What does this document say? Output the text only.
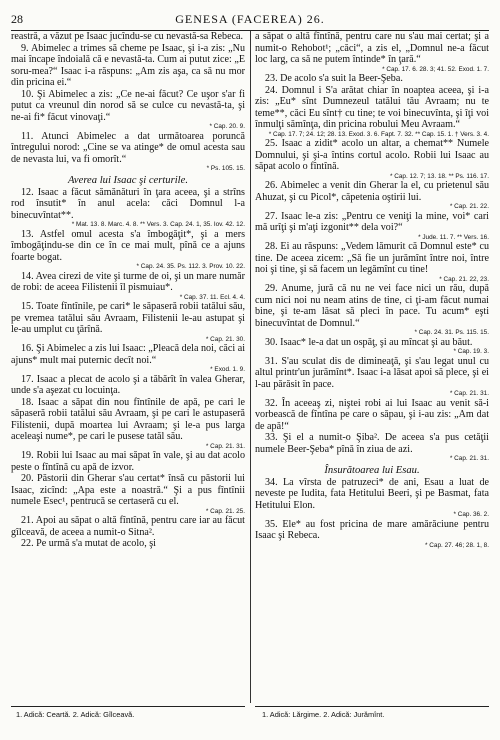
28	GENESA (FACEREA) 26.
reastră, a văzut pe Isaac jucîndu-se cu nevastă-sa Rebeca.
9. Abimelec a trimes să cheme pe Isaac, şi i-a zis: „Nu mai încape îndoială că e nevastă-ta. Cum ai putut zice: „E soru-mea?“ Isaac i-a răspuns: „Am zis aşa, ca să nu mor din pricina ei.“
10. Şi Abimelec a zis: „Ce ne-ai făcut? Ce uşor s'ar fi putut ca vreunul din norod să se culce cu nevastă-ta, şi ne-ai fi* făcut vinovaţi.“
* Cap. 20. 9.
11. Atunci Abimelec a dat următoarea poruncă întregului norod: „Cine se va atinge* de omul acesta sau de nevasta lui, va fi omorît.“
* Ps. 105. 15.
Averea lui Isaac şi certurile.
12. Isaac a făcut sămănături în ţara aceea, şi a strîns rod însutit* în anul acela: căci Domnul l-a binecuvîntat**.
* Mat. 13. 8. Marc. 4. 8. ** Vers. 3. Cap. 24. 1, 35. Iov. 42. 12.
13. Astfel omul acesta s'a îmbogăţit*, şi a mers îmbogăţindu-se din ce în ce mai mult, pînă ce a ajuns foarte bogat.
* Cap. 24. 35. Ps. 112. 3. Prov. 10. 22.
14. Avea cirezi de vite şi turme de oi, şi un mare număr de robi: de aceea Filistenii îl pismuiau*.
* Cap. 37. 11. Ecl. 4. 4.
15. Toate fîntînile, pe cari* le săpaseră robii tatălui său, pe vremea tatălui său Avraam, Filistenii le-au astupat şi le-au umplut cu ţărînă.
* Cap. 21. 30.
16. Şi Abimelec a zis lui Isaac: „Pleacă dela noi, căci ai ajuns* mult mai puternic decît noi.“
* Exod. 1. 9.
17. Isaac a plecat de acolo şi a tăbărît în valea Gherar, unde s'a aşezat cu locuinţa.
18. Isaac a săpat din nou fîntînile de apă, pe cari le săpaseră robii tatălui său Avraam, şi pe cari le astupaseră Filistenii, după moartea lui Avraam; şi le-a pus larga aceleaşi nume*, pe cari le pusese tatăl său.
* Cap. 21. 31.
19. Robii lui Isaac au mai săpat în vale, şi au dat acolo peste o fîntînă cu apă de izvor.
20. Păstorii din Gherar s'au certat* însă cu păstorii lui Isaac, zicînd: „Apa este a noastră.“ Şi a pus fîntînii numele Esec¹, pentrucă se certaseră cu el.
* Cap. 21. 25.
21. Apoi au săpat o altă fîntînă, pentru care iar au făcut gîlceavă, de aceea a numit-o Sitna².
22. Pe urmă s'a mutat de acolo, şi
a săpat o altă fîntînă, pentru care nu s'au mai certat; şi a numit-o Rehobot¹; „căci“, a zis el, „Domnul ne-a făcut loc larg, ca să ne putem întinde* în ţară.“
* Cap. 17. 6. 28. 3; 41. 52. Exod. 1. 7.
23. De acolo s'a suit la Beer-Şeba.
24. Domnul i S'a arătat chiar în noaptea aceea, şi i-a zis: „Eu* sînt Dumnezeul tatălui tău Avraam; nu te teme**, căci Eu sînt† cu tine; te voi binecuvînta, şi îţi voi înmulţi sămînţa, din pricina robului Meu Avraam.“
* Cap. 17. 7; 24. 12; 28. 13. Exod. 3. 6. Fapt. 7. 32. ** Cap. 15. 1. † Vers. 3. 4.
25. Isaac a zidit* acolo un altar, a chemat** Numele Domnului, şi şi-a întins cortul acolo. Robii lui Isaac au săpat acolo o fîntînă.
* Cap. 12. 7; 13. 18. ** Ps. 116. 17.
26. Abimelec a venit din Gherar la el, cu prietenul său Ahuzat, şi cu Picol*, căpetenia oştirii lui.
* Cap. 21. 22.
27. Isaac le-a zis: „Pentru ce veniţi la mine, voi* cari mă urîţi şi m'aţi izgonit** dela voi?“
* Jude. 11. 7. ** Vers. 16.
28. Ei au răspuns: „Vedem lămurit că Domnul este* cu tine. De aceea zicem: „Să fie un jurămînt între noi, între noi şi tine, şi să facem un legămînt cu tine!
* Cap. 21. 22, 23.
29. Anume, jură că nu ne vei face nici un rău, după cum nici noi nu neam atins de tine, ci ţi-am făcut numai bine, şi te-am lăsat să pleci în pace. Tu acum* eşti binecuvîntat de Domnul.“
* Cap. 24. 31. Ps. 115. 15.
30. Isaac* le-a dat un ospăţ, şi au mîncat şi au băut.
* Cap. 19. 3.
31. S'au sculat dis de dimineaţă, şi s'au legat unul cu altul printr'un jurămînt*. Isaac i-a lăsat apoi să plece, şi ei l-au părăsit în pace.
* Cap. 21. 31.
32. În aceeaş zi, niştei robi ai lui Isaac au venit să-i vorbească de fîntîna pe care o săpau, şi i-au zis: „Am dat de apă!“
33. Şi el a numit-o Şiba². De aceea s'a pus cetăţii numele Beer-Şeba* pînă în ziua de azi.
* Cap. 21. 31.
Însurătoarea lui Esau.
34. La vîrsta de patruzeci* de ani, Esau a luat de neveste pe Iudita, fata Hetitului Beeri, şi pe Basmat, fata Hetitului Elon.
* Cap. 36. 2.
35. Ele* au fost pricina de mare amărăciune pentru Isaac şi Rebeca.
* Cap. 27. 46; 28. 1, 8.
1. Adică: Ceartă. 2. Adică: Gîlceavă.	1. Adică: Lărgime. 2. Adică: Jurămînt.
